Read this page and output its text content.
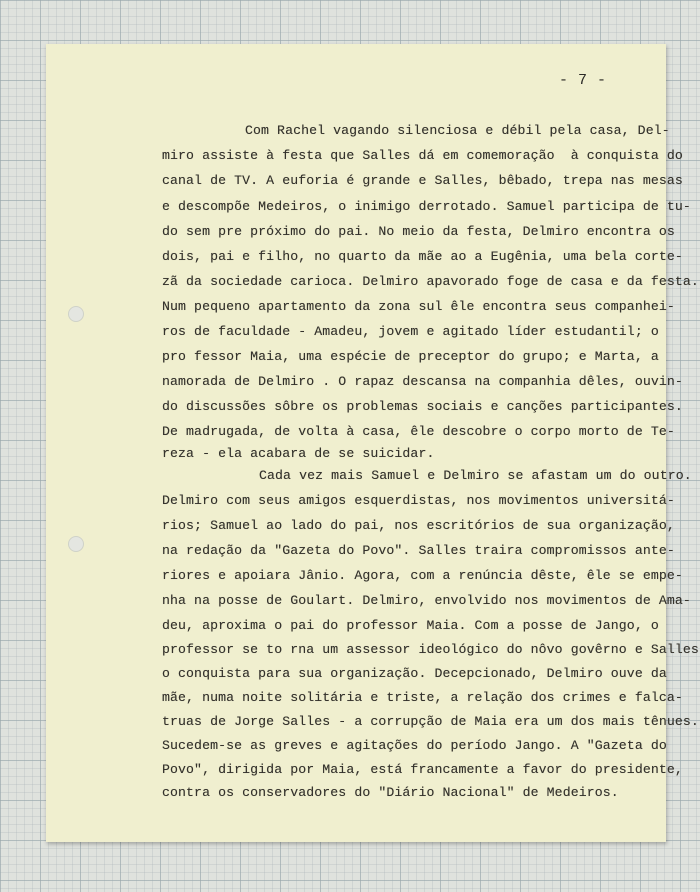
- 7 -
Com Rachel vagando silenciosa e débil pela casa, Del-
miro assiste à festa que Salles dá em comemoração  à conquista do
canal de TV. A euforia é grande e Salles, bêbado, trepa nas mesas
e descompõe Medeiros, o inimigo derrotado. Samuel participa de tu-
do sem pre próximo do pai. No meio da festa, Delmiro encontra os
dois, pai e filho, no quarto da mãe ao a Eugênia, uma bela corte-
zã da sociedade carioca. Delmiro apavorado foge de casa e da festa.
Num pequeno apartamento da zona sul êle encontra seus companhei-
ros de faculdade - Amadeu, jovem e agitado líder estudantil; o
pro fessor Maia, uma espécie de preceptor do grupo; e Marta, a
namorada de Delmiro . O rapaz descansa na companhia dêles, ouvin-
do discussões sôbre os problemas sociais e canções participantes.
De madrugada, de volta à casa, êle descobre o corpo morto de Te-
reza - ela acabara de se suicidar.
Cada vez mais Samuel e Delmiro se afastam um do outro.
Delmiro com seus amigos esquerdistas, nos movimentos universitá-
rios; Samuel ao lado do pai, nos escritórios de sua organização,
na redação da "Gazeta do Povo". Salles traira compromissos ante-
riores e apoiara Jânio. Agora, com a renúncia dêste, êle se empe-
nha na posse de Goulart. Delmiro, envolvido nos movimentos de Ama-
deu, aproxima o pai do professor Maia. Com a posse de Jango, o
professor se to rna um assessor ideológico do nôvo govêrno e Salles
o conquista para sua organização. Decepcionado, Delmiro ouve da
mãe, numa noite solitária e triste, a relação dos crimes e falca-
truas de Jorge Salles - a corrupção de Maia era um dos mais tênues.
Sucedem-se as greves e agitações do período Jango. A "Gazeta do
Povo", dirigida por Maia, está francamente a favor do presidente,
contra os conservadores do "Diário Nacional" de Medeiros.
